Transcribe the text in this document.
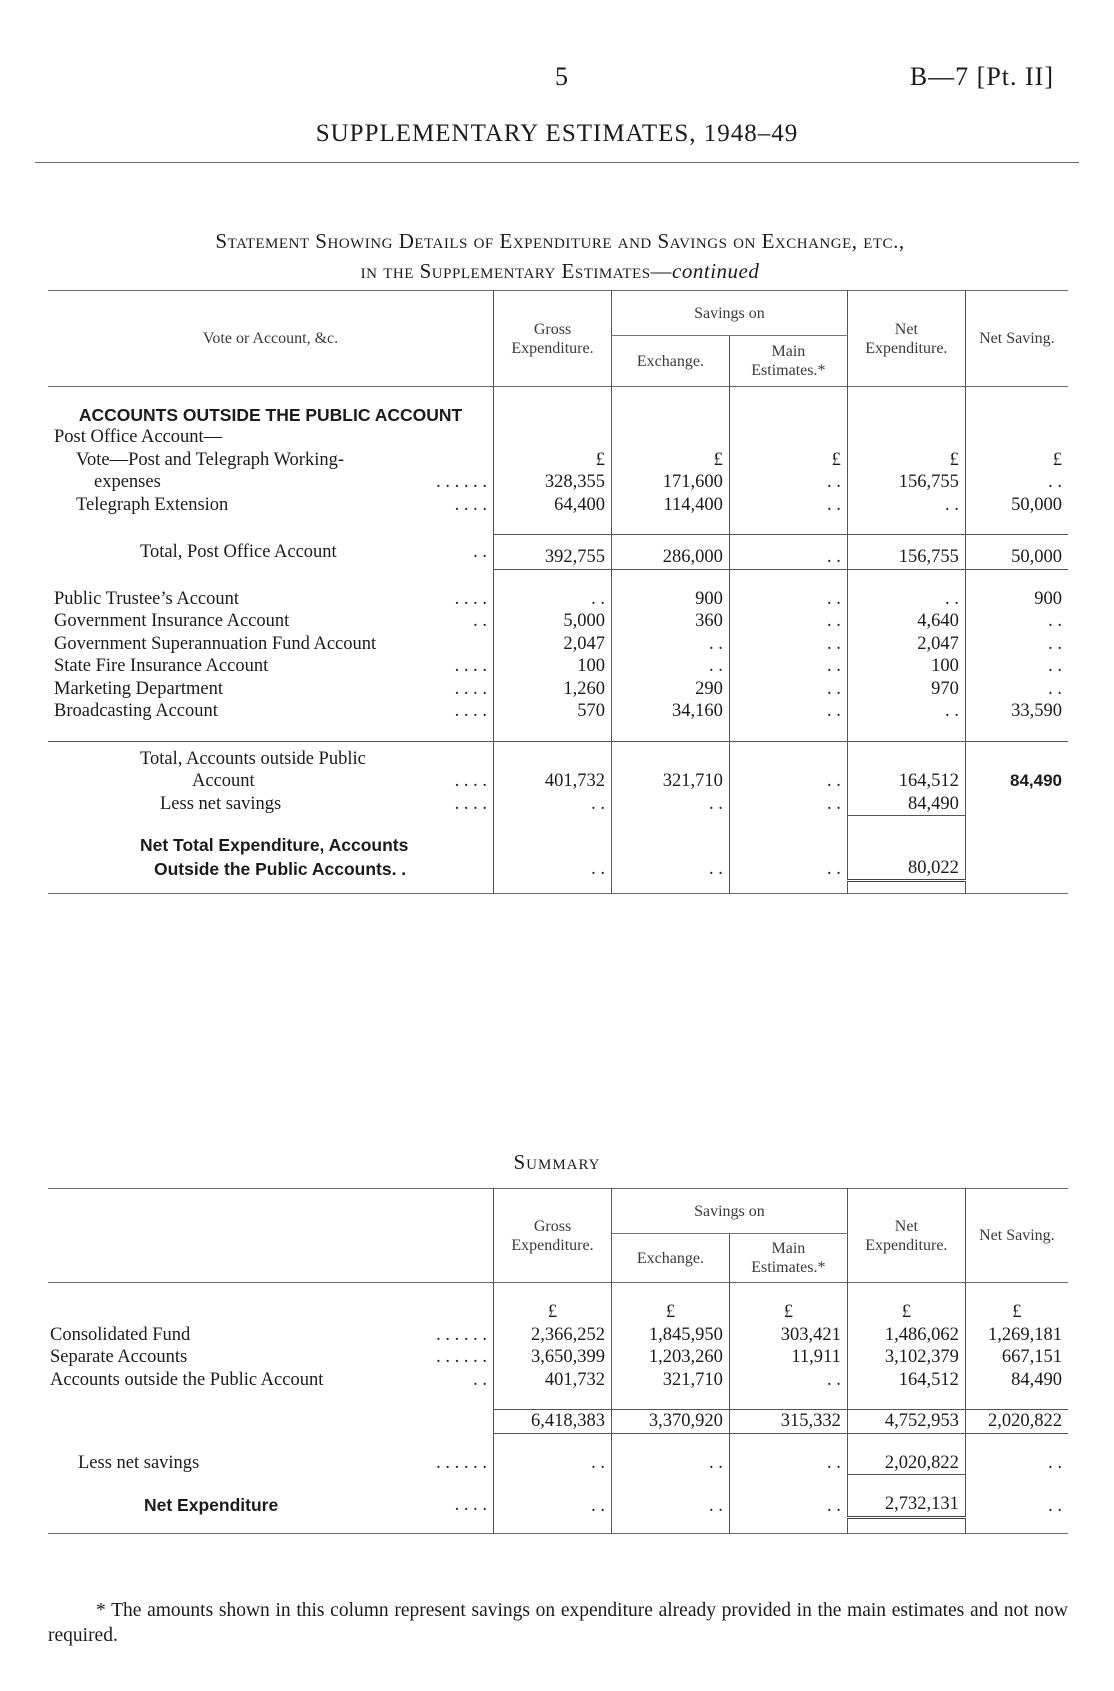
5	B—7 [Pt. II]
SUPPLEMENTARY ESTIMATES, 1948–49
Statement Showing Details of Expenditure and Savings on Exchange, etc.,
in the Supplementary Estimates—continued
Vote or Account, &c.	Gross Expenditure.	Savings on		Net Expenditure.	Net Saving.
		Exchange.	Main Estimates.*		

ACCOUNTS OUTSIDE THE PUBLIC ACCOUNT					
Post Office Account—					
Vote—Post and Telegraph Working-	£	£	£	£	£
expenses . . . . . .	328,355	171,600	. .	156,755	. .
Telegraph Extension . . . .	64,400	114,400	. .	. .	50,000

Total, Post Office Account . .	392,755	286,000	. .	156,755	50,000

Public Trustee’s Account . . . .	. .	900	. .	. .	900
Government Insurance Account . .	5,000	360	. .	4,640	. .
Government Superannuation Fund Account	2,047	. .	. .	2,047	. .
State Fire Insurance Account . . . .	100	. .	. .	100	. .
Marketing Department . . . .	1,260	290	. .	970	. .
Broadcasting Account . . . .	570	34,160	. .	. .	33,590

Total, Accounts outside Public					
Account . . . .	401,732	321,710	. .	164,512	84,490
Less net savings . . . .	. .	. .	. .	84,490	

Net Total Expenditure, Accounts					
Outside the Public Accounts. .	. .	. .	. .	80,022	

Summary
	Gross Expenditure.	Savings on		Net Expenditure.	Net Saving.
		Exchange.	Main Estimates.*		

	£	£	£	£	£
Consolidated Fund . . . . . .	2,366,252	1,845,950	303,421	1,486,062	1,269,181
Separate Accounts . . . . . .	3,650,399	1,203,260	11,911	3,102,379	667,151
Accounts outside the Public Account . .	401,732	321,710	. .	164,512	84,490

	6,418,383	3,370,920	315,332	4,752,953	2,020,822

Less net savings . . . . . .	. .	. .	. .	2,020,822	. .

Net Expenditure . . . .	. .	. .	. .	2,732,131	. .

* The amounts shown in this column represent savings on expenditure already provided in the main estimates and not now required.
